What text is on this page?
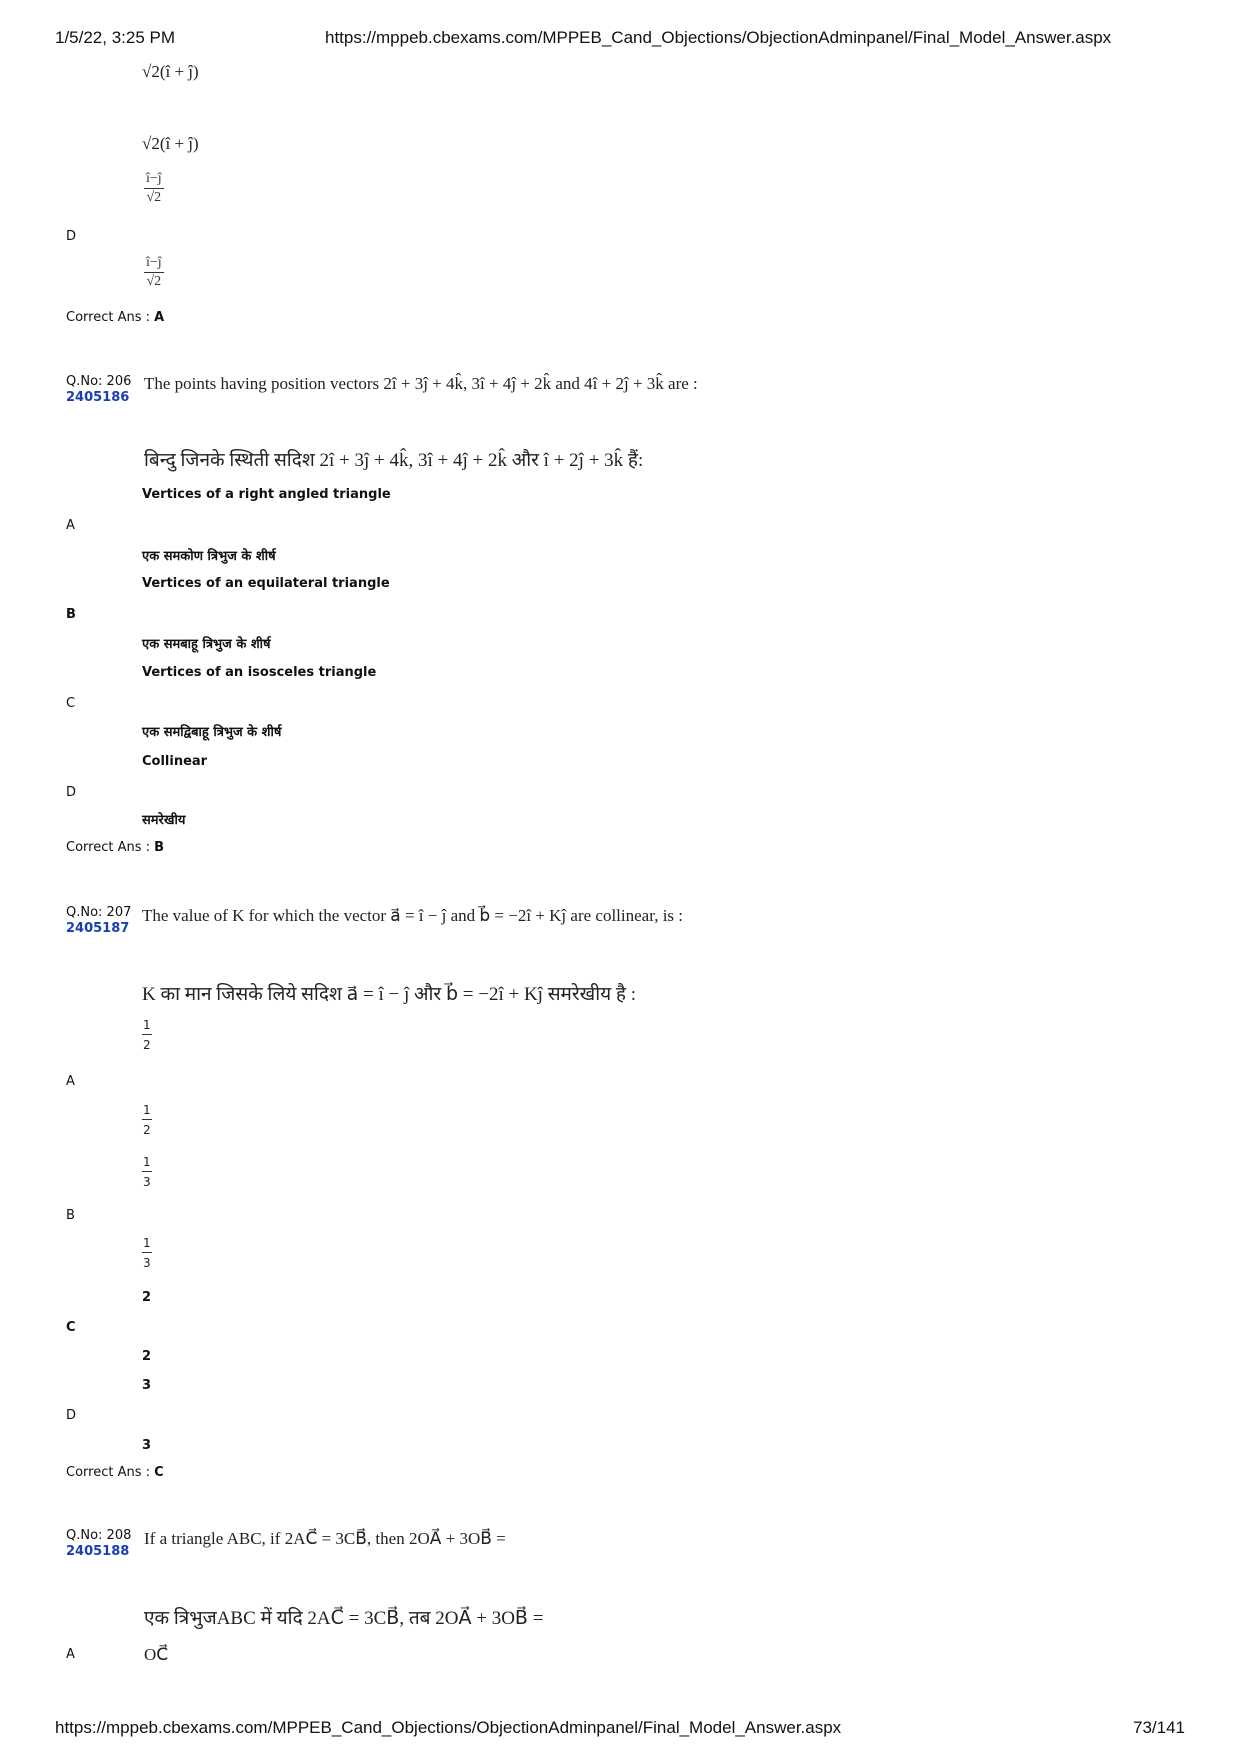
1/5/22, 3:25 PM	https://mppeb.cbexams.com/MPPEB_Cand_Objections/ObjectionAdminpanel/Final_Model_Answer.aspx
√2(î + ĵ)
√2(î + ĵ)
$\frac{î-ĵ}{√2}$
D
$\frac{î-ĵ}{√2}$
Correct Ans : A
Q.No: 206
2405186
The points having position vectors 2î + 3ĵ + 4k̂, 3î + 4ĵ + 2k̂ and 4î + 2ĵ + 3k̂ are :
बिन्दु जिनके स्थिती सदिश 2î + 3ĵ + 4k̂, 3î + 4ĵ + 2k̂ और î + 2ĵ + 3k̂ हैं:
Vertices of a right angled triangle
A
एक समकोण त्रिभुज के शीर्ष
Vertices of an equilateral triangle
B
एक समबाहू त्रिभुज के शीर्ष
Vertices of an isosceles triangle
C
एक समद्विबाहू त्रिभुज के शीर्ष
Collinear
D
समरेखीय
Correct Ans : B
Q.No: 207
2405187
The value of K for which the vector a⃗ = î − ĵ and b⃗ = −2î + Kĵ are collinear, is :
K का मान जिसके लिये सदिश a⃗ = î − ĵ और b⃗ = −2î + Kĵ समरेखीय है :
$\frac{1}{2}$
A
$\frac{1}{2}$
$\frac{1}{3}$
B
$\frac{1}{3}$
2
C
2
3
D
3
Correct Ans : C
Q.No: 208
2405188
If a triangle ABC, if 2AC⃗ = 3CB⃗, then 2OA⃗ + 3OB⃗ =
एक त्रिभुजABC में यदि 2AC⃗ = 3CB⃗, तब 2OA⃗ + 3OB⃗ =
A	OC⃗
https://mppeb.cbexams.com/MPPEB_Cand_Objections/ObjectionAdminpanel/Final_Model_Answer.aspx	73/141
